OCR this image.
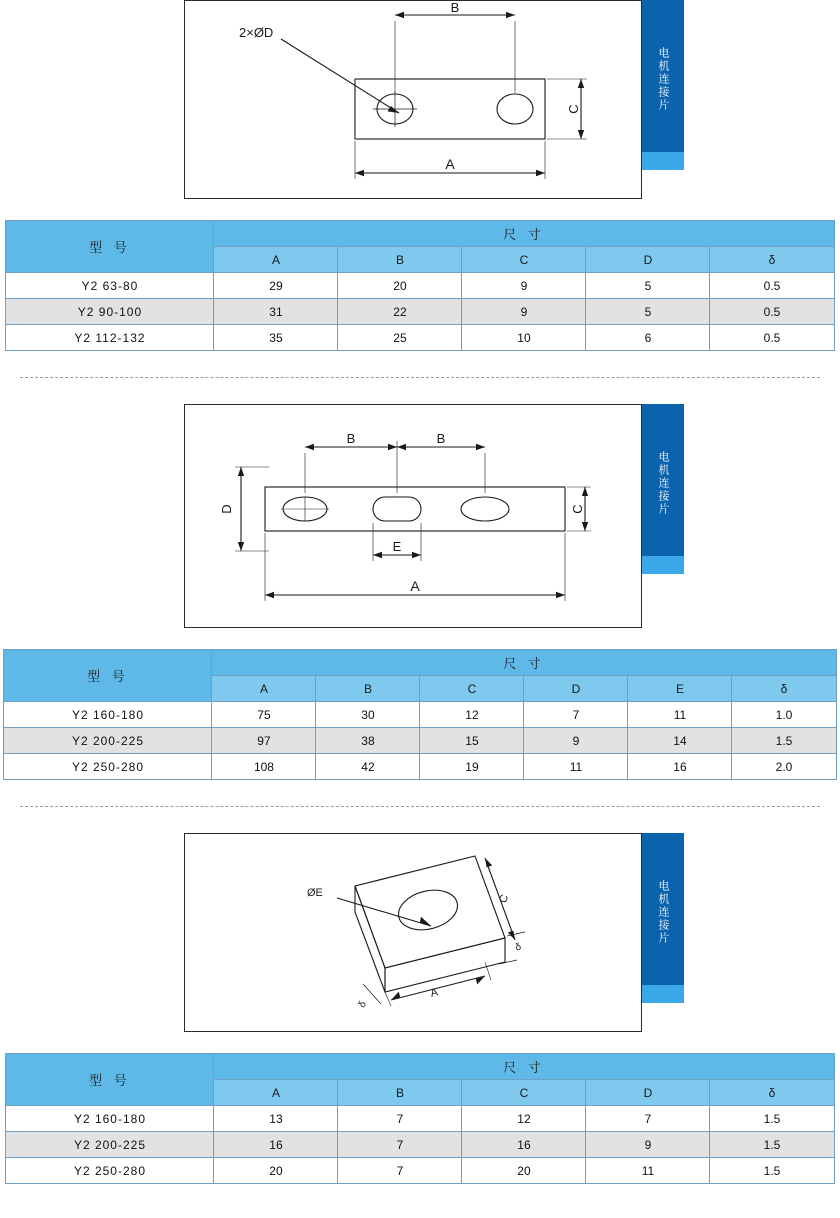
B
A
C
2×ØD
电机连接片
型 号	尺 寸				
	A	B	C	D	δ
Y2 63-80	29	20	9	5	0.5
Y2 90-100	31	22	9	5	0.5
Y2 112-132	35	25	10	6	0.5
B	B
D	C
E
A
电机连接片
型 号	尺 寸					
	A	B	C	D	E	δ
Y2 160-180	75	30	12	7	11	1.0
Y2 200-225	97	38	15	9	14	1.5
Y2 250-280	108	42	19	11	16	2.0
ØE	C
A
δ
δ
电机连接片
型 号	尺 寸				
	A	B	C	D	δ
Y2 160-180	13	7	12	7	1.5
Y2 200-225	16	7	16	9	1.5
Y2 250-280	20	7	20	11	1.5
